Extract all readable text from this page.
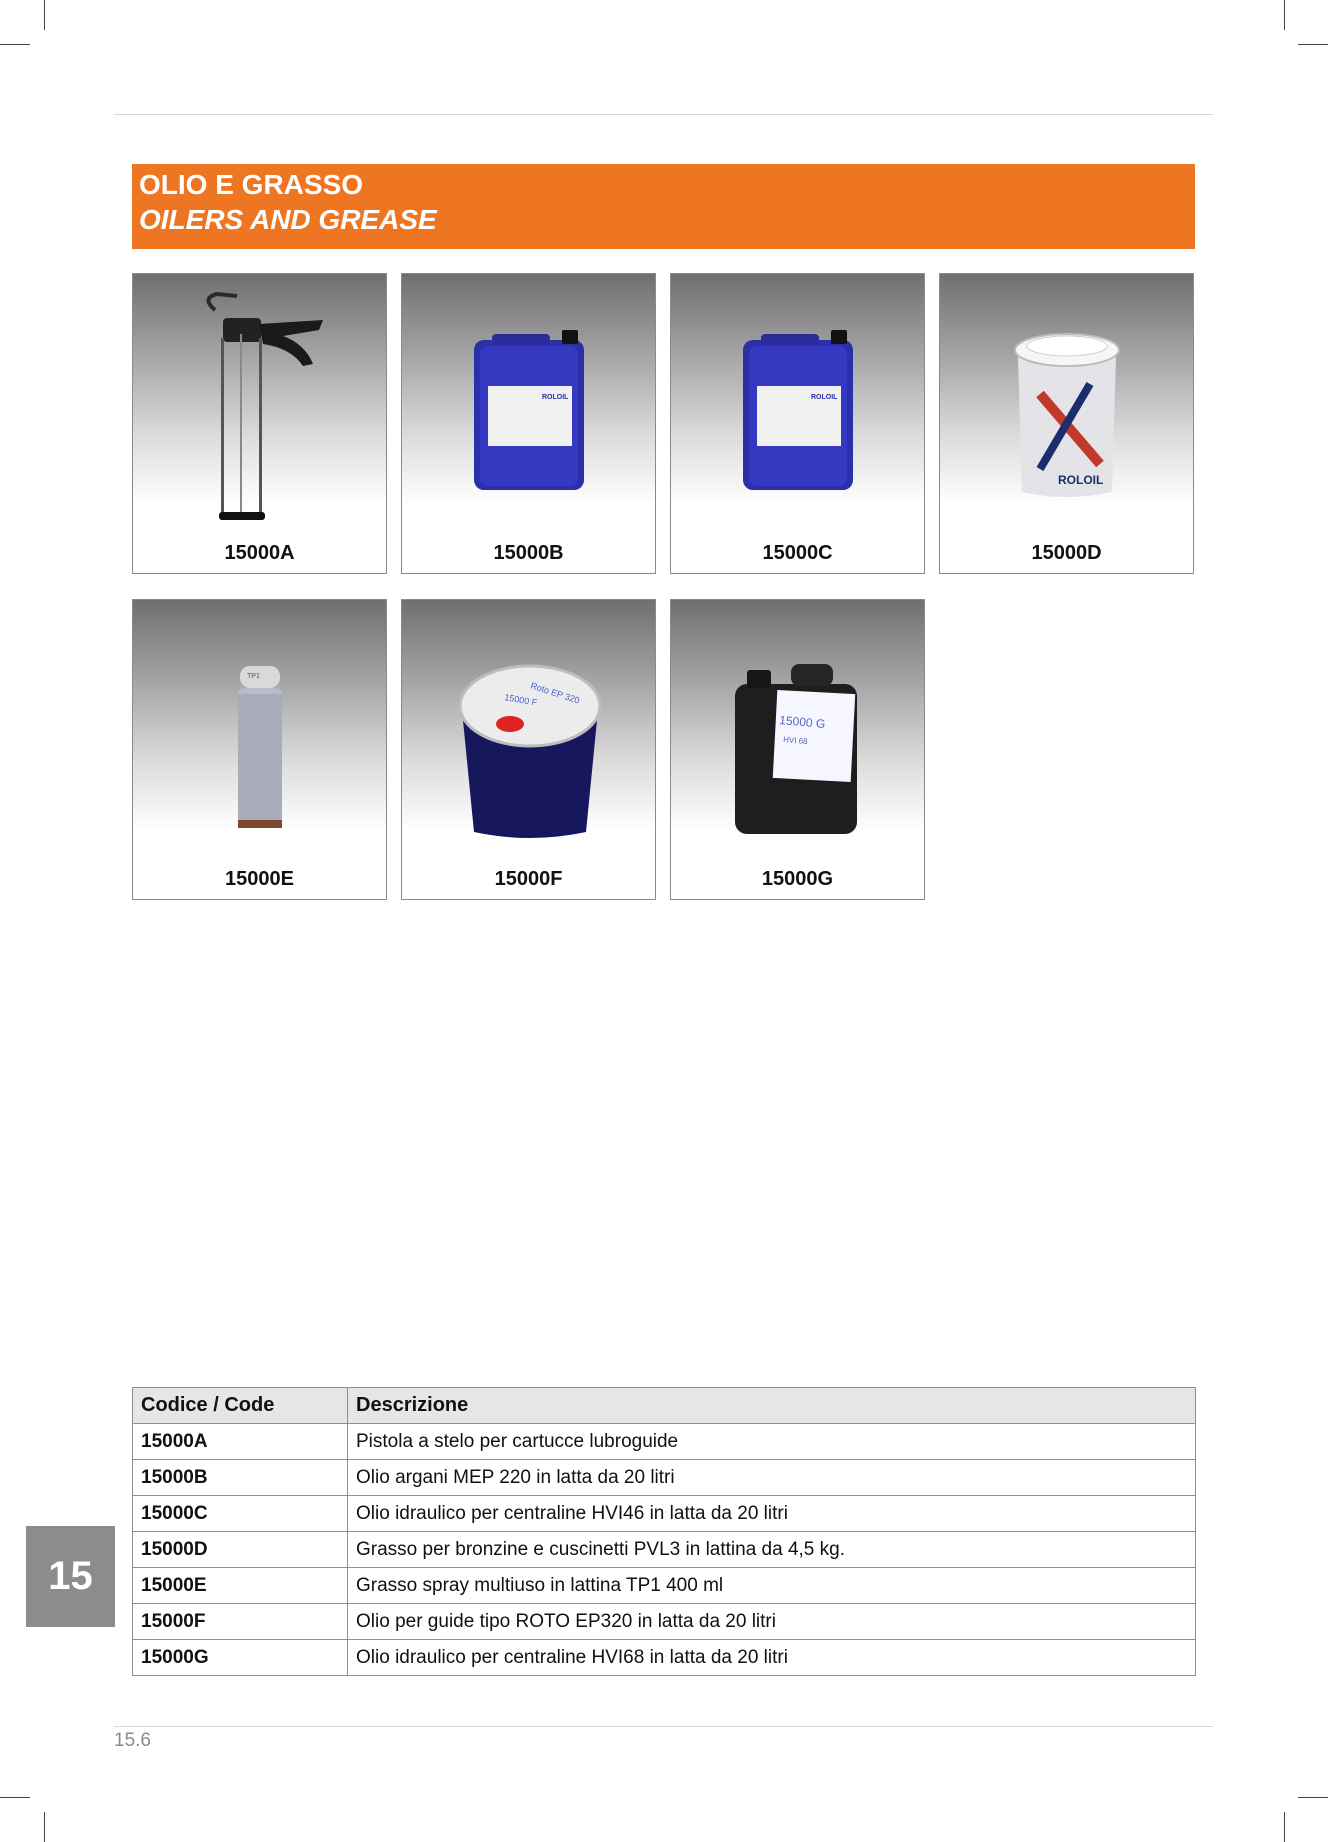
OLIO E GRASSO
OILERS AND GREASE
15000A
ROLOIL
15000B
ROLOIL
15000C
ROLOIL
15000D
TP1
15000E
Roto EP 320
15000 F
15000F
15000 G
HVI 68
15000G
Codice / Code	Descrizione
15000A	Pistola a stelo per cartucce lubroguide
15000B	Olio argani MEP 220 in latta da 20 litri
15000C	Olio idraulico per centraline HVI46 in latta da 20 litri
15000D	Grasso per bronzine e cuscinetti PVL3 in lattina da 4,5 kg.
15000E	Grasso spray multiuso in lattina TP1 400 ml
15000F	Olio per guide tipo ROTO EP320 in latta da 20 litri
15000G	Olio idraulico per centraline HVI68 in latta da 20 litri
15
15.6
